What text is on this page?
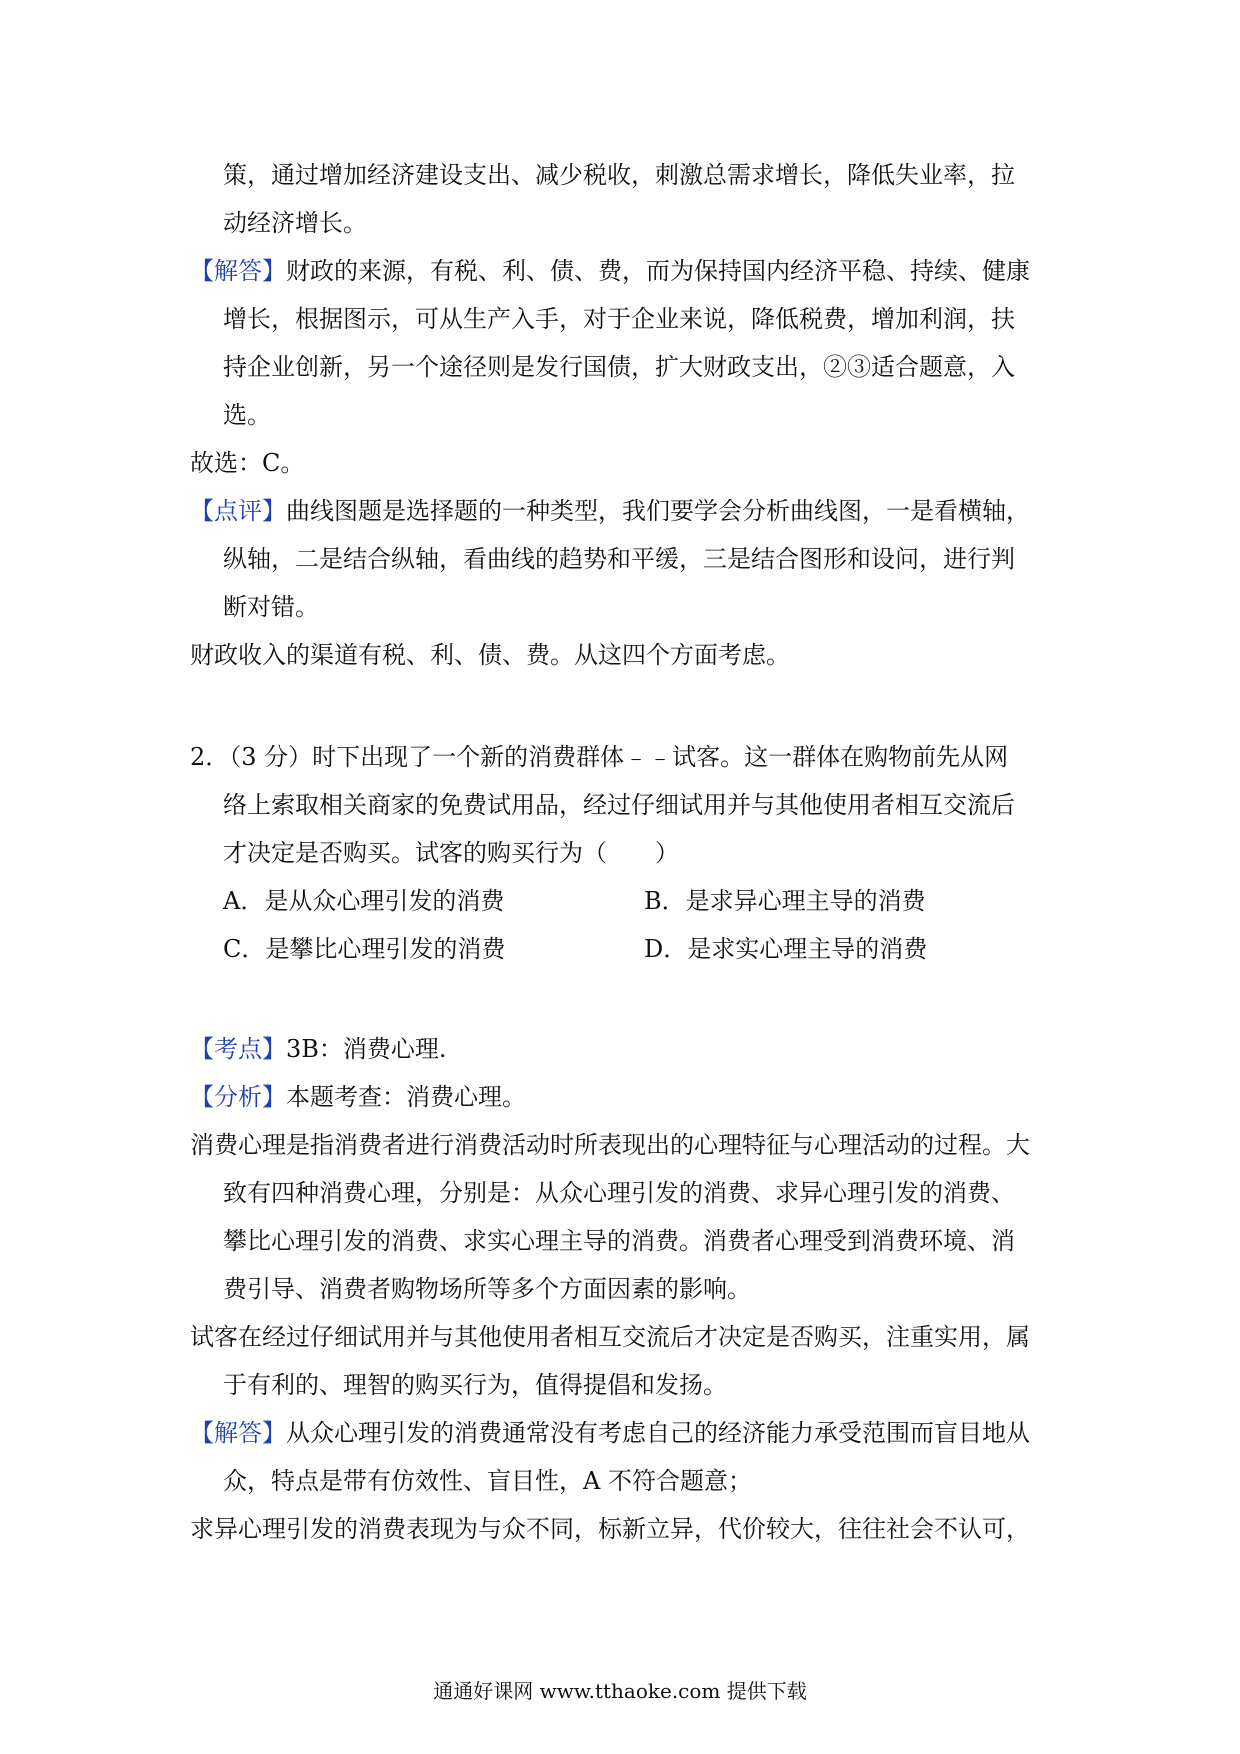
策，通过增加经济建设支出、减少税收，刺激总需求增长，降低失业率，拉
动经济增长。
【解答】财政的来源，有税、利、债、费，而为保持国内经济平稳、持续、健康
增长，根据图示，可从生产入手，对于企业来说，降低税费，增加利润，扶
持企业创新，另一个途径则是发行国债，扩大财政支出，②③适合题意，入
选。
故选：C。
【点评】曲线图题是选择题的一种类型，我们要学会分析曲线图，一是看横轴，
纵轴，二是结合纵轴，看曲线的趋势和平缓，三是结合图形和设问，进行判
断对错。
财政收入的渠道有税、利、债、费。从这四个方面考虑。
2．（3 分）时下出现了一个新的消费群体﹣﹣试客。这一群体在购物前先从网
络上索取相关商家的免费试用品，经过仔细试用并与其他使用者相互交流后
才决定是否购买。试客的购买行为（　　）
A．是从众心理引发的消费	B．是求异心理主导的消费
C．是攀比心理引发的消费	D．是求实心理主导的消费
【考点】3B：消费心理.
【分析】本题考查：消费心理。
消费心理是指消费者进行消费活动时所表现出的心理特征与心理活动的过程。大
致有四种消费心理，分别是：从众心理引发的消费、求异心理引发的消费、
攀比心理引发的消费、求实心理主导的消费。消费者心理受到消费环境、消
费引导、消费者购物场所等多个方面因素的影响。
试客在经过仔细试用并与其他使用者相互交流后才决定是否购买，注重实用，属
于有利的、理智的购买行为，值得提倡和发扬。
【解答】从众心理引发的消费通常没有考虑自己的经济能力承受范围而盲目地从
众，特点是带有仿效性、盲目性，A 不符合题意；
求异心理引发的消费表现为与众不同，标新立异，代价较大，往往社会不认可，
通通好课网 www.tthaoke.com 提供下载
